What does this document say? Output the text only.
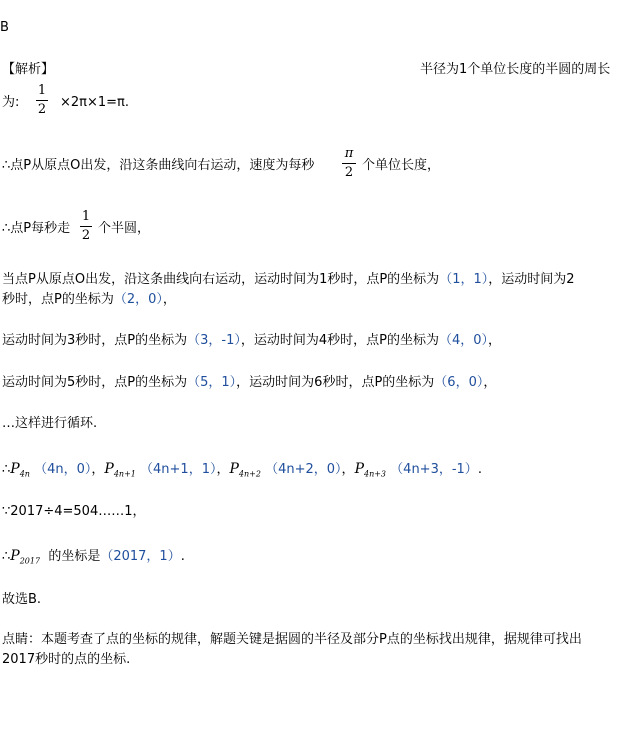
B
【解析】	半径为1个单位长度的半圆的周长
为:
1
2 ×2π×1=π.
∴点P从原点O出发，沿这条曲线向右运动，速度为每秒
π
2 个单位长度，
∴点P每秒走
1
2 个半圆，
当点P从原点O出发，沿这条曲线向右运动，运动时间为1秒时，点P的坐标为（1，1），运动时间为2
秒时，点P的坐标为（2，0），
运动时间为3秒时，点P的坐标为（3，-1），运动时间为4秒时，点P的坐标为（4，0），
运动时间为5秒时，点P的坐标为（5，1），运动时间为6秒时，点P的坐标为（6，0），
…这样进行循环.
$\therefore P_{4n}$ （4n，0），$P_{4n+1}$ （4n+1，1），$P_{4n+2}$ （4n+2，0），$P_{4n+3}$ （4n+3，-1）.
∵2017÷4=504……1，
$\therefore P_{2017}$ 的坐标是（2017，1）.
故选B.
点睛：本题考查了点的坐标的规律，解题关键是据圆的半径及部分P点的坐标找出规律，据规律可找出
2017秒时的点的坐标.
